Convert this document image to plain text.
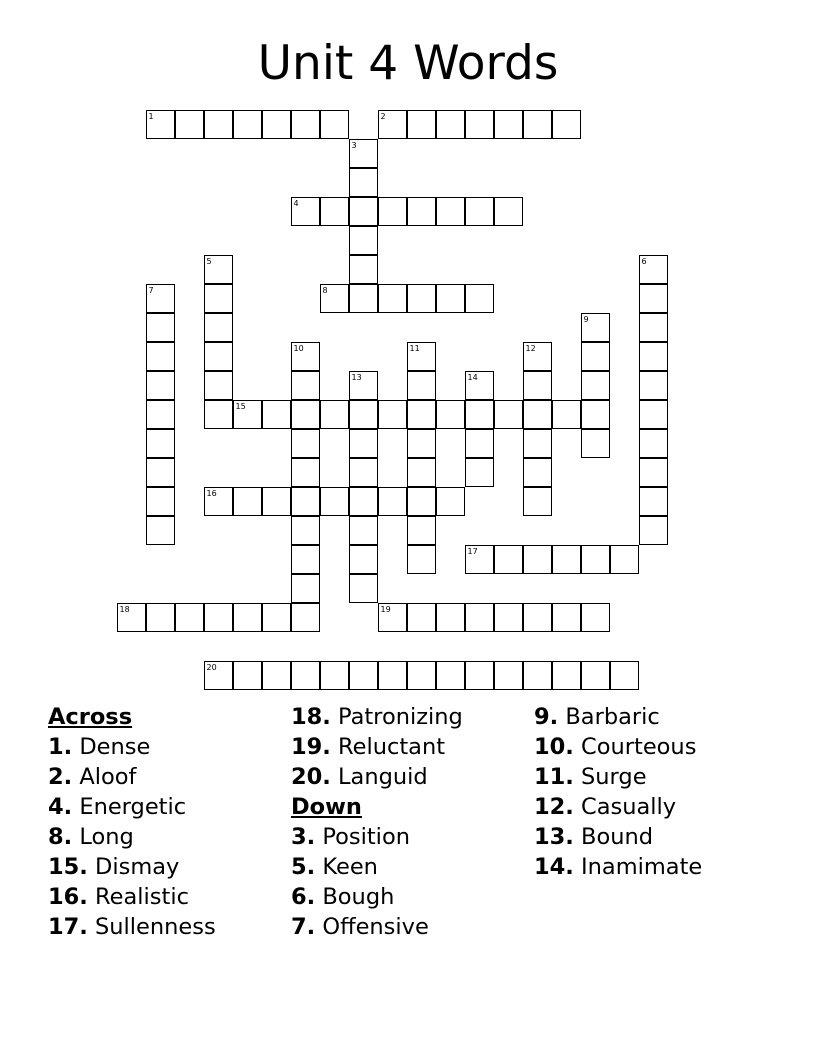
Unit 4 Words
1	2
3
4
5	6
7	8
9
10	11	12
13	14
15
16
17
18	19
20
Across
1. Dense
2. Aloof
4. Energetic
8. Long
15. Dismay
16. Realistic
17. Sullenness
18. Patronizing
19. Reluctant
20. Languid
Down
3. Position
5. Keen
6. Bough
7. Offensive
9. Barbaric
10. Courteous
11. Surge
12. Casually
13. Bound
14. Inamimate
